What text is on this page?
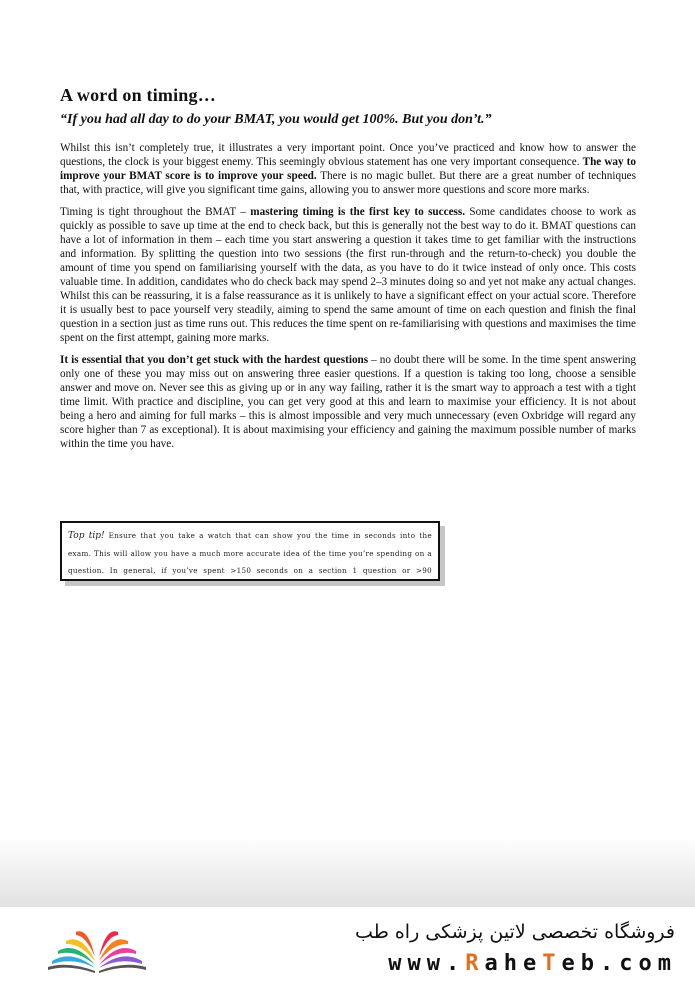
A word on timing…
“If you had all day to do your BMAT, you would get 100%. But you don’t.”

Whilst this isn’t completely true, it illustrates a very important point. Once you’ve practiced and know how to answer the questions, the clock is your biggest enemy. This seemingly obvious statement has one very important consequence. The way to improve your BMAT score is to improve your speed. There is no magic bullet. But there are a great number of techniques that, with practice, will give you significant time gains, allowing you to answer more questions and score more marks.

Timing is tight throughout the BMAT – mastering timing is the first key to success. Some candidates choose to work as quickly as possible to save up time at the end to check back, but this is generally not the best way to do it. BMAT questions can have a lot of information in them – each time you start answering a question it takes time to get familiar with the instructions and information. By splitting the question into two sessions (the first run-through and the return-to-check) you double the amount of time you spend on familiarising yourself with the data, as you have to do it twice instead of only once. This costs valuable time. In addition, candidates who do check back may spend 2–3 minutes doing so and yet not make any actual changes. Whilst this can be reassuring, it is a false reassurance as it is unlikely to have a significant effect on your actual score. Therefore it is usually best to pace yourself very steadily, aiming to spend the same amount of time on each question and finish the final question in a section just as time runs out. This reduces the time spent on re-familiarising with questions and maximises the time spent on the first attempt, gaining more marks.

It is essential that you don’t get stuck with the hardest questions – no doubt there will be some. In the time spent answering only one of these you may miss out on answering three easier questions. If a question is taking too long, choose a sensible answer and move on. Never see this as giving up or in any way failing, rather it is the smart way to approach a test with a tight time limit. With practice and discipline, you can get very good at this and learn to maximise your efficiency. It is not about being a hero and aiming for full marks – this is almost impossible and very much unnecessary (even Oxbridge will regard any score higher than 7 as exceptional). It is about maximising your efficiency and gaining the maximum possible number of marks within the time you have.

Top tip! Ensure that you take a watch that can show you the time in seconds into the exam. This will allow you have a much more accurate idea of the time you’re spending on a question. In general, if you’ve spent >150 seconds on a section 1 question or >90

فروشگاه تخصصی لاتین پزشکی راه طب
www.RaheTeb.com
